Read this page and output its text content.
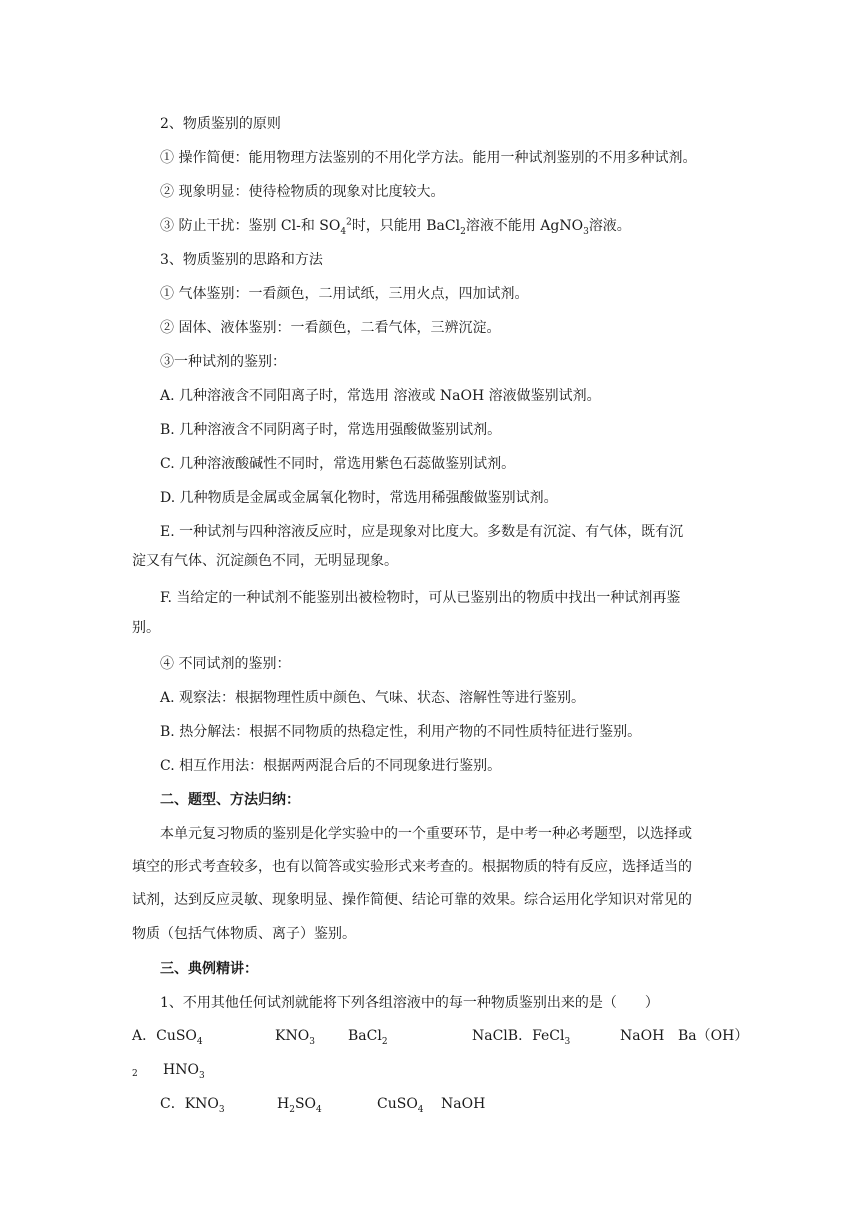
2、物质鉴别的原则
① 操作简便：能用物理方法鉴别的不用化学方法。能用一种试剂鉴别的不用多种试剂。
② 现象明显：使待检物质的现象对比度较大。
③ 防止干扰：鉴别 Cl-和 $SO_4^2$时，只能用 BaCl$_2$溶液不能用 AgNO$_3$溶液。
3、物质鉴别的思路和方法
① 气体鉴别：一看颜色，二用试纸，三用火点，四加试剂。
② 固体、液体鉴别：一看颜色，二看气体，三辨沉淀。
③一种试剂的鉴别：
A. 几种溶液含不同阳离子时，常选用 溶液或 NaOH 溶液做鉴别试剂。
B. 几种溶液含不同阴离子时，常选用强酸做鉴别试剂。
C. 几种溶液酸碱性不同时，常选用紫色石蕊做鉴别试剂。
D. 几种物质是金属或金属氧化物时，常选用稀强酸做鉴别试剂。
E. 一种试剂与四种溶液反应时，应是现象对比度大。多数是有沉淀、有气体，既有沉
淀又有气体、沉淀颜色不同，无明显现象。
F. 当给定的一种试剂不能鉴别出被检物时，可从已鉴别出的物质中找出一种试剂再鉴
别。
④ 不同试剂的鉴别：
A. 观察法：根据物理性质中颜色、气味、状态、溶解性等进行鉴别。
B. 热分解法：根据不同物质的热稳定性，利用产物的不同性质特征进行鉴别。
C. 相互作用法：根据两两混合后的不同现象进行鉴别。
二、题型、方法归纳：
本单元复习物质的鉴别是化学实验中的一个重要环节，是中考一种必考题型，以选择或
填空的形式考查较多，也有以简答或实验形式来考查的。根据物质的特有反应，选择适当的
试剂，达到反应灵敏、现象明显、操作简便、结论可靠的效果。综合运用化学知识对常见的
物质（包括气体物质、离子）鉴别。
三、典例精讲：
1、不用其他任何试剂就能将下列各组溶液中的每一种物质鉴别出来的是（　　）
A．CuSO$_4$	$KNO_3$ BaCl$_2$	NaClB．FeCl$_3$	NaOH Ba（OH）
2 $HNO_3$
C．$KNO_3$	$H_2SO_4$	CuSO$_4$ NaOH
